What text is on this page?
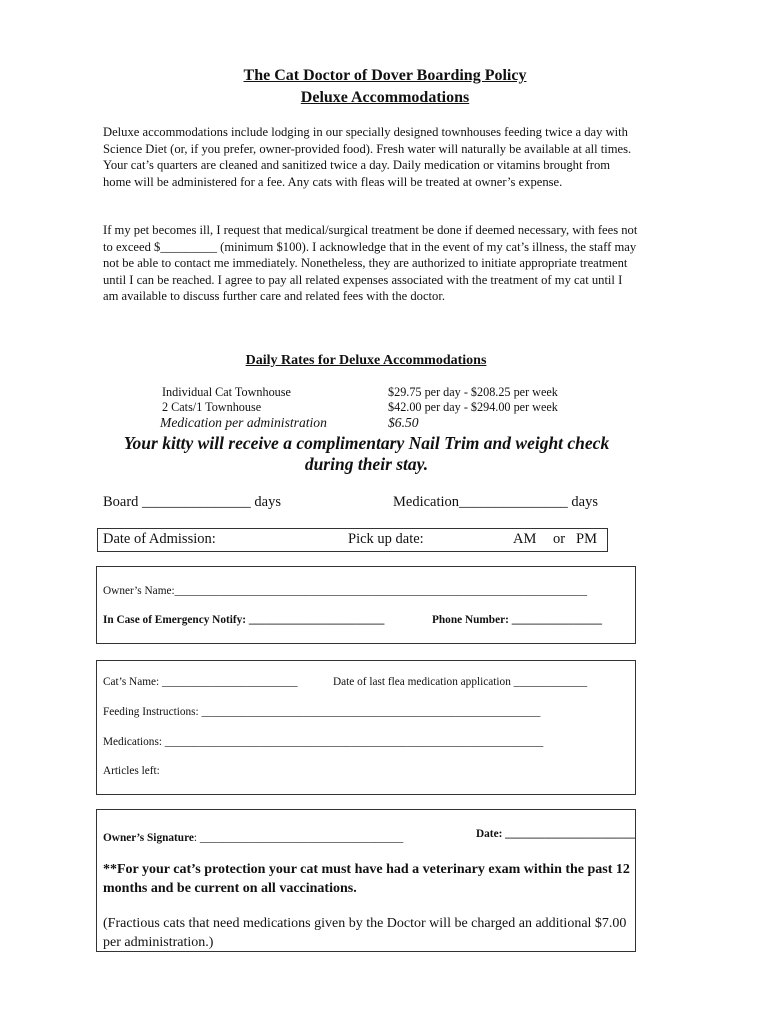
The Cat Doctor of Dover Boarding Policy
Deluxe Accommodations
Deluxe accommodations include lodging in our specially designed townhouses feeding twice a day with Science Diet (or, if you prefer, owner-provided food). Fresh water will naturally be available at all times. Your cat’s quarters are cleaned and sanitized twice a day. Daily medication or vitamins brought from home will be administered for a fee. Any cats with fleas will be treated at owner’s expense.
If my pet becomes ill, I request that medical/surgical treatment be done if deemed necessary, with fees not to exceed $_________ (minimum $100). I acknowledge that in the event of my cat’s illness, the staff may not be able to contact me immediately. Nonetheless, they are authorized to initiate appropriate treatment until I can be reached. I agree to pay all related expenses associated with the treatment of my cat until I am available to discuss further care and related fees with the doctor.
Daily Rates for Deluxe Accommodations
Individual Cat Townhouse	$29.75 per day - $208.25 per week
2 Cats/1 Townhouse	$42.00 per day - $294.00 per week
Medication per administration	$6.50
Your kitty will receive a complimentary Nail Trim and weight check during their stay.
Board _______________ days	Medication_______________ days
Date of Admission:	Pick up date:	AM or PM
Owner’s Name:_________________________________________________________________________
In Case of Emergency Notify: ________________________	Phone Number: ________________
Cat’s Name: ________________________	Date of last flea medication application _____________
Feeding Instructions: ____________________________________________________________
Medications: ___________________________________________________________________
Articles left:
Owner’s Signature: ____________________________________	Date: _______________________
**For your cat’s protection your cat must have had a veterinary exam within the past 12 months and be current on all vaccinations.
(Fractious cats that need medications given by the Doctor will be charged an additional $7.00 per administration.)
